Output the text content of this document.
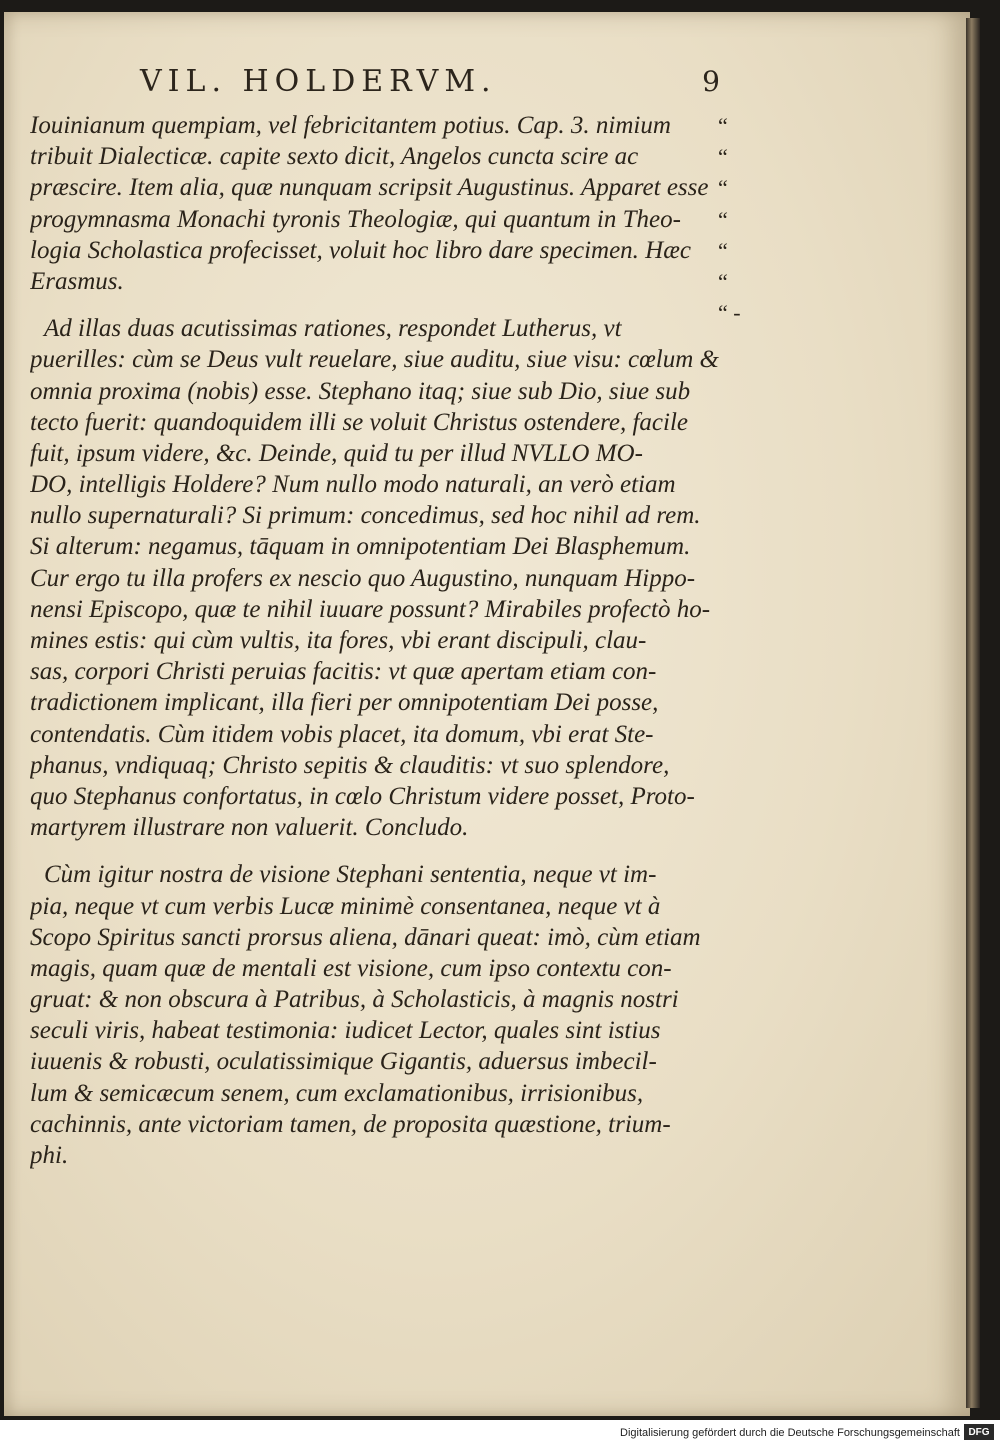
VIL. HOLDERVM.	9
Iouinianum quempiam, vel febricitantem potius. Cap. 3. nimium
tribuit Dialecticæ. capite sexto dicit, Angelos cuncta scire ac
præscire. Item alia, quæ nunquam scripsit Augustinus. Apparet esse
progymnasma Monachi tyronis Theologiæ, qui quantum in Theo-
logia Scholastica profecisset, voluit hoc libro dare specimen. Hæc
Erasmus.
Ad illas duas acutissimas rationes, respondet Lutherus, vt
puerilles: cùm se Deus vult reuelare, siue auditu, siue visu: cœlum &
omnia proxima (nobis) esse. Stephano itaq; siue sub Dio, siue sub
tecto fuerit: quandoquidem illi se voluit Christus ostendere, facile
fuit, ipsum videre, &c. Deinde, quid tu per illud NVLLO MO-
DO, intelligis Holdere? Num nullo modo naturali, an verò etiam
nullo supernaturali? Si primum: concedimus, sed hoc nihil ad rem.
Si alterum: negamus, tāquam in omnipotentiam Dei Blasphemum.
Cur ergo tu illa profers ex nescio quo Augustino, nunquam Hippo-
nensi Episcopo, quæ te nihil iuuare possunt? Mirabiles profectò ho-
mines estis: qui cùm vultis, ita fores, vbi erant discipuli, clau-
sas, corpori Christi peruias facitis: vt quæ apertam etiam con-
tradictionem implicant, illa fieri per omnipotentiam Dei posse,
contendatis. Cùm itidem vobis placet, ita domum, vbi erat Ste-
phanus, vndiquaq; Christo sepitis & clauditis: vt suo splendore,
quo Stephanus confortatus, in cœlo Christum videre posset, Proto-
martyrem illustrare non valuerit. Concludo.
Cùm igitur nostra de visione Stephani sententia, neque vt im-
pia, neque vt cum verbis Lucæ minimè consentanea, neque vt à
Scopo Spiritus sancti prorsus aliena, dānari queat: imò, cùm etiam
magis, quam quæ de mentali est visione, cum ipso contextu con-
gruat: & non obscura à Patribus, à Scholasticis, à magnis nostri
seculi viris, habeat testimonia: iudicet Lector, quales sint istius
iuuenis & robusti, oculatissimique Gigantis, aduersus imbecil-
lum & semicæcum senem, cum exclamationibus, irrisionibus,
cachinnis, ante victoriam tamen, de proposita quæstione, trium-
phi.
“
“
“
“
“
“
“ -
Digitalisierung gefördert durch die Deutsche Forschungsgemeinschaft DFG
